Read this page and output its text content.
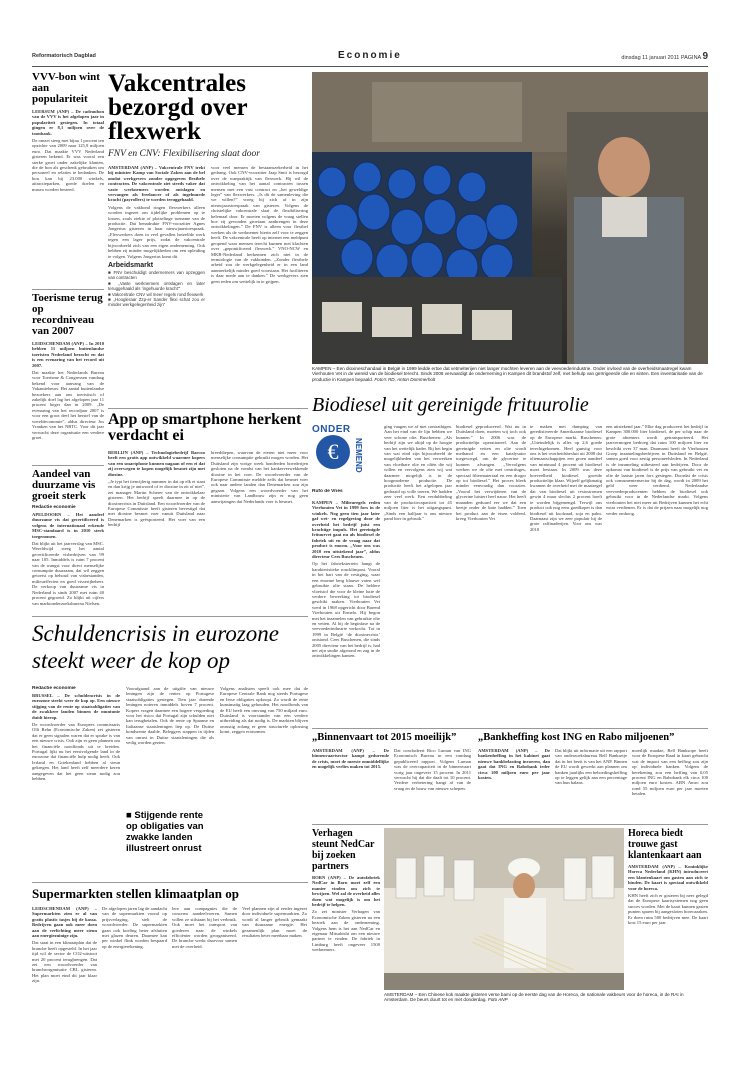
Reformatorisch Dagblad	Economie	dinsdag 11 januari 2011 PAGINA 9
VVV-bon wint aan populariteit
LEERSUM (ANP) – De cadeaubon van de VVV is het afgelopen jaar in populariteit gestegen. In totaal gingen er 8,1 miljoen over de toonbank.
De omzet steeg met bijna 1 procent ten opzichte van 2009 naar 125,9 miljoen euro. Dat maakte VVV Nederland gisteren bekend. Er was vooral een sterke groei onder zakelijke klanten, die de bon als geschenk gebruiken om personeel en relaties te bedanken. De bon kan bij 23.000 winkels, attractieparken, goede doelen en musea worden besteed.
Toerisme terug op recordniveau van 2007
LEIDSCHENDAM (ANP) – In 2010 hebben 11 miljoen buitenlandse toeristen Nederland bezocht en dat is een evenaring van het record uit 2007.
Dat maakte het Nederlands Bureau voor Toerisme & Congressen vandaag bekend voor aanvang van de Vakantiebeurs. Het aantal buitenlandse bezoekers aan ons toeristisch of zakelijk doel lag het afgelopen jaar 11 procent hoger dan in 2009. „De evenaring van het recordjaar 2007 is voor een groot deel het herstel van de wereldeconomie”, aldus directeur Jos Vranken van het NBTC. Voor dit jaar verwacht deze organisatie een verdere groei.
Aandeel van duurzame vis groeit sterk
Redactie economie
APELDOORN – Het aandeel duurzame vis dat gecertificeerd is volgens de internationaal erkende MSC-standaard is in 2010 sterk toegenomen.
Dat blijkt uit het jaarverslag van MSC. Wereldwijd steeg het aantal gecertificeerde visbedrijven van 99 naar 105. Inmiddels is ruim 7 procent van de wangst voor direct menselijke consumptie duurzaam, dat wil zeggen getoetst op behoud van visbestanden, milieueffecten en goed visserijbeheer. De verkoop van duurzame vis in Nederland is sinds 2007 met ruim 40 procent gegroeid. Zo blijkt uit cijfers van marktonderzoeksbureau Nielsen.
Vakcentrales bezorgd over flexwerk
FNV en CNV: Flexibilisering slaat door
AMSTERDAM (ANP) – Vakcentrale FNV trekt bij minister Kamp van Sociale Zaken aan de bel omdat werkgevers zonder opgegeven flexibele contracten. De vakcentrale ziet steeds vaker dat vaste werknemers worden ontslagen en vervangen als freelancer of als ingehuurde kracht (payrollers) te worden teruggehaald.
Volgens de vakbond ringen flexwerkers alleen worden ingezet om tijdelijke problemen op te lossen, zoals ziekte of plotselinge toename van de productie. Dat benadrukte FNV-voorzitter Agnes Jongerius gisteren in haar nieuwjaarstoespraak. „Flexwerkers doen in veel gevallen hetzelfde werk tegen een lager prijs, zodat de vakcentrale bijvoorbeeld zich van een eigen onderneming. Ook hebben zij minder mogelijkheden om een opleiding te volgen. Volgens Jongerius komt dit
Arbeidsmarkt
■ FNV beschuldigt ondernemers van opzeggen van contracten
■ „Vaste werknemers ontslagen en later teruggehaald als ‘ingehuurde kracht’”
■ Vakcentrale CNV wil meer regels rond flexwerk
■ „Hoogleraar Zzp-er Sander flexi schat zou er minder werkgelegenheid zijn”
voor veel mensen de bestaanszekerheid in het gedrang. Ook CNV-voorzitter Jaap Smit is bezorgd over de wanpraktijk van flexwerk. Hij wil de ontwikkeling van het aantal contracten tussen mensen met een vast contract en „het geweldige leger” van flexwerkers. „Is dit de samenleving die we willen?” vroeg hij zich af in zijn nieuwjaarstoespraak van gisteren. Volgens de christelijke vakcentrale slaat de flexibilisering helemaal door. Er moeten volgens de vraag stellen hoe zij gevonden groeiaan aanbrengen in deze ontwikkelingen.” De FNV is alleen voor flexibel werken als de werknemer hierin zelf voor te zeggen heeft. De vakcentrale heeft op internet een meldpunt geopend waar mensen terecht kunnen met klachten over „gepontificeerd flexwerk.” VNO-NCW en MKB-Nederland herkennen zich niet in de termiologie van de vakbonden. „Zonder flexibele arbeid zou de werkgelegenheid er in een land aanmerkelijk minder goed voorstaan. Het faciliteren is daar mede aan te danken.” De werkgevers zien geen reden om wettelijk in te grijpen.
KAMPEN – Een dioxineschandaal in België in 1999 leidde ertoe dat vetmelterijen niet langer mochten leveren aan de veevoederindustrie. Onder invloed van de overheidsmaatregel kwam Vierhouten Vet in de wereld van de biodiesel terecht. Sinds 2006 vervaardigt de onderneming in Kampen dit brandstof zelf, met behulp van geïrrigeerde olie en sinten. Een inventarisatie van de productie in Kampen bepaald. Foto's RD, Anton Dommerholt
Biodiesel uit gereinigde frituurolie
ONDER
€	NEMEND
Rufo de Vries
KAMPEN – Milieuregels reden Vierhouten Vet in 1999 fors in de winkels. Nog geen tien jaar later gaf wet- en regelgeving door de overheid het bedrijf juist een krachtige impuls. Het gereinigde frituurvet gaat nu als biodiesel de fabriek uit en de vraag naar dat product is enorm. „Voor ons was 2010 een uitstekend jaar”, aldus directeur Cees Buschenen.
Op het fabrieksterrein hangt de karakteristieke roucklimpast. Vooral in het hart van de vestiging, waar een enorme berg blauwe vaten wel gebruikte olie staan. De heldere vloeistof die voor de kleine lutte de verdere bewerking tot biodiesel geschikt maken. Vierhouten Vet werd in 1968 opgericht door Barend Vierhouten uit Ermelo. Hij begon met het inzamelen van gebruikte olie en vetten. Al bij de beginfase na de veevoederindustrie verkocht. Tot in 1999 in België ‘de dioxinecrisis’ ontstond. Cees Buschenen, die sinds 2005 directeur van het bedrijf is, had net zijn studie afgerond en zag in de ontwikkelingen kansen.
ging vaagen we af met contrathigen. Aan het eind van de lijn hebben we veer schone olie. Buschenen: „Als bedrijf zijn we altijd op de hoogte van het wettelijk kader. Bij het begin van wat eind zijn bijvoorbeeld de mogelijkheden van het verwerken van vloeibare olie en oliën die wij willen en vervolgens zien wij wat daarmee mogelijk is in de hoogmoderne productie. De productie heeft het afgelopen jaar gedraaid op volle toeren. We hadden zeer veel werk. Een verdubbeling van de productiecapaciteit tot 45 miljoen liter is het uitgangspunt. „Sinds een halfjaar is ons nieuwe pand hier in gebruik.”
biodiesel geproduceerd. Wat nu in Duitsland doen, moeten wij toch ook kunnen.” In 2006 was de productielijn operationeel. Aan de gereinigde vetten en olie wordt methanol en een katalysator toegevoegd, om de glycerine te kunnen afvangen. „Vervolgens werken we de olie met centrifuges, speciaal filtermateriaal en een droger op tot biodiesel.” Het proces bleek minder eenvoudig dan voorzien. „Vooral het verwijderen van de glycerine luistert heel nauw. Het heeft maanden geduurd eer we dat een beetje onder de knie hadden.” Toen het product aan de eisen voldeed, kreeg Vierhouten Vet
te maken met dumping van geredistiveerde Amerikaanse biodiesel op de Europese markt. Buschenen: „Uiteindelijk is alles op 2,6 goede terechtgekomen. Heel gunstig voor ons is het overheidsbesluit uit 2008 dat oliemaatschappijen een groen aandeel van minimaal 4 procent uit biodiesel moet bestaan. In 2009 was deze hoeveelheid biodiesel groeide productielijn klaar. Wijzelf gelijkmatig kwamen de overheid met de maatregel dat van biodiesel uit restostromen gewin 4 maar slechts 2 procent hoeft te worden bijgemengd. Terwijl ons product ook nog eens goedkoper is dan biodiesel uit koolzaad, soja en palm. Daarnaast zijn we zeer populair bij de grote raffinaderijen. Voor ons was 2010
een uitstekend jaar.” Elke dag produceert het bedrijf in Kampen 300.000 liter biodiesel, de per schip naar de grote afnemers wordt getransporteerd. Het jaarvermogen bedroeg dat ruim 100 miljoen liter en beschikt over 37 man. Daarnaast heeft de Vierhouten Groep inzamelingsbedrijven in Duitsland en België, samen goed voor zestig personeelsleden. In Nederland is de inzameling uitbesteed aan bedrijven. Door de opkomst van biodiesel is de prijs van gebruikt vet en olie de laatste jaren fors gestegen. Doordat de crisis ook consumentensector bij de dag, wordt in 2009 het geld weer verdiend. Nederlandse veevoederproducenten hebben de biodiesel ook gebruikt voor in de Nederlandse markt. Volgens vierhouten het niet meer uit Bedrijven kunnen het echt extra verdienen. Er is dat de prijzen naar mogelijk nog verder omhoog.
App op smartphone herkent verdacht ei
BERLIJN (ANP) – Technologiebedrijf Barcoo heeft een gratis app ontwikkeld waarmee kopers van een smartphone kunnen nagaan of een ei dat zij overwegen te kopen mogelijk besmet zijn met dioxine.
„Je typt het tiencijferig nummer in dat op elk ei staat en dan krijg je antwoord of er dioxine in zit of niet”, zei manager Martin Scherer van de ontwikkelaar gisteren. Het bedrijf speelt daarmee in op de dioxinecrisis in Duitsland. Een woordvoerder van de Europese Commissie heeft gisteren bevestigd dat met dioxine besmet voer vanuit Duitsland naar Denemarken is geëxporteerd. Het voer van een bedrijf
breeddiepen, waarvan de eieren niet meer voor menselijke consumptie gebruikt mogen worden. Het Duitsland zijn vorige week honderden boerderijen gesloten na de vondst van het kankerverwekkende dioxine in het voer. De woordvoerder van de Europese Commissie meldde zelfs dat besmet voer ook naar andere landen dan Denemarken zou zijn gegaan. Volgens een woordvoerder van het ministerie van Landbouw zijn er nog geen aanwijzingen dat Nederlands voer is besmet.
Schuldencrisis in eurozone steekt weer de kop op
Redactie economie
BRUSSEL – De schuldencrisis in de eurozone steekt weer de kop op. Een nieuwe stijging van de rente op staatsobligaties van de zwakkere landen binnen de muntunie duidt hierop.
De woordvoerder van Europees commissaris Olli Rehn (Economische Zaken) zei gisteren dat er geen signalen waren dat er sprake is van een nieuwe crisis. Ook zijn er geen plannen om het financiële noodfonds uit te breiden. Portugal lijkt nu het eerstvolgende land in de eurozone dat financiële hulp nodig heeft. Ook Ierland en Griekenland hebben al steun gekregen. Het land heeft zelf meerdere keren aangegeven dat het geen steun nodig zou hebben.
Voorafgaand aan de uitgifte van nieuwe leningen zijn de rentes op Portugese staatsobligaties gestegen. Tien jaar durende leningen noteren inmiddels boven 7 procent. Kopers vragen daarmee een hogere vergoeding voor het risico dat Portugal zijn schulden niet kan terugbetalen. Ook de rente op Spaanse en Italiaanse staatsleningen liep op. De Duitse bondsrente daalde. Beleggers stappen in tijden van onrust in Duitse staatsleningen die als veilig worden gezien.
■ Stijgende rente op obligaties van zwakke landen illustreert onrust
Volgens analisten speelt ook mee dat de Europese Centrale Bank nog steeds Portugese en Ierse obligaties opkoopt. Zo wordt de rente kunstmatig laag gehouden. Het noodfonds van de EU heeft een omvang van 750 miljard euro. Duitsland is voorstander van een verdere uitbreiding als dat nodig is. De markten blijven onrustig zolang er geen structurele oplossing komt, zeggen economen.
„Binnenvaart tot 2015 moeilijk”
AMSTERDAM (ANP) – De binnenvaartsector kampt gedurende de crisis, moet de meeste onmiddellijke en mogelijk verlies maken tot 2015.
Dat concludeert Rico Luman van ING Economisch Bureau in een vandaag gepubliceerd rapport. Volgens Luman was de overcapaciteit in de binnenvaart vorig jaar ongeveer 15 procent. In 2011 verwacht hij dat die daalt tot 10 procent. Verdere verbetering hangt af van de vraag en de bouw van nieuwe schepen.
„Bankheffing kost ING en Rabo miljoenen”
AMSTERDAM (ANP) – De bankenheffing in het kabinet gaat nieuwe bankbelasting invoeren, dan gaat dat ING en Rabobank ieder circa 100 miljoen euro per jaar kosten.
Dat blijkt uit informatie uit een rapport van onderzoeksbureau Bell Banksetje dat in het bezit is van het ANP. Binnen de EU wordt gewerkt aan plannen om banken jaarlijks een behoedingsheffing op te leggen gelijk aan een percentage van hun balans.
moeilijk maakte, Bell Banksope heeft voor de Europese Raad in kaart gebracht wat de impact van een heffing zou zijn op individuele banken. Volgens de berekening zou een heffing van 0,05 procent ING en Rabobank elk circa 100 miljoen euro kosten. ABN Amro zou rond 55 miljoen euro per jaar moeten betalen.
Verhagen steunt NedCar bij zoeken partners
BORN (ANP) – De autofabriek NedCar in Born moet zelf een manier vinden om zich te bewijzen. Wel zal de overheid alles doen wat mogelijk is om het bedrijf te helpen.
Zo zei minister Verhagen van Economische Zaken gisteren na een bezoek aan de onderneming. Volgens hem is het aan NedCar en eigenaar Mitsubishi om een nieuwe partner te vinden. De fabriek in Limburg heeft ongeveer 1500 werknemers.
AMSTERDAM – Een Chinese kok maakte gisteren verse bami op de eerste dag van de Horeca, de nationale vakbeurs voor de horeca, in de RAI in Amsterdam. De beurs duurt tot en met donderdag. Foto ANP
Horeca biedt trouwe gast klantenkaart aan
AMSTERDAM (ANP) – Koninklijke Horeca Nederland (KHN) introduceert een klantenkaart om gasten aan zich te binden. De kaart is speciaal ontwikkeld voor de horeca.
KHN heeft zich er gisteren bij neer gelegd dat de Europese kaartsystemen nog geen succes worden. Met de kaart kunnen gasten punten sparen bij aangesloten horecazaken. Er doen ruim 500 bedrijven mee. De kaart kost 15 euro per jaar.
Supermarkten stellen klimaatplan op
LEIDSCHENDAM (ANP) – Supermarkten zien er al van gratis plastic tasjes bij de kassa. Bedrijven gaan ook meer doen aan de verlichting meer steun aan energiezuinige zijn.
Dat staat in een klimaatplan dat de branche heeft opgesteld. In het jaar tijd wil de sector de CO2-uitstoot met 20 procent terugbrengen. Dat zei een woordvoerder van brancheorganisatie CBL gisteren. Het plan moet eind dit jaar klaar zijn.
De afgelopen jaren lag de aandacht van de supermarkten vooral op prijsverlaging, stelt de woordvoerder. De supermarkten gaan ook koeling beter afsluiten met glazen deuren. Daarmee kan per winkel flink worden bespaard op de energierekening.
lere aan compagnies die de concerns aandeelvoeren. Samen willen ze stilstaan bij het verbruik. Ook moet het transport van goederen naar de winkels efficiënter worden georganiseerd. De branche werkt daarvoor samen met de overheid.
Veel plannen zijn al eerder ingezet door individuele supermarkten. Zo wordt al langer gebruik gemaakt van duurzame energie. Het gezamenlijk plan moet de resultaten beter meetbaar maken.
